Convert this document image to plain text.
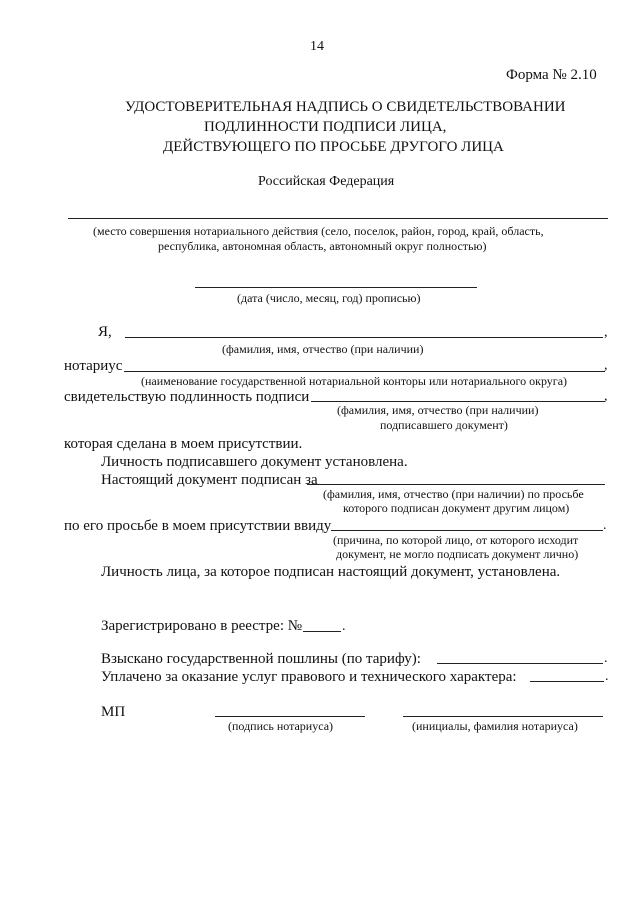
14
Форма № 2.10
УДОСТОВЕРИТЕЛЬНАЯ НАДПИСЬ О СВИДЕТЕЛЬСТВОВАНИИ
ПОДЛИННОСТИ ПОДПИСИ ЛИЦА,
ДЕЙСТВУЮЩЕГО ПО ПРОСЬБЕ ДРУГОГО ЛИЦА
Российская Федерация
(место совершения нотариального действия (село, поселок, район, город, край, область,
республика, автономная область, автономный округ полностью)
(дата (число, месяц, год) прописью)
Я,	,
(фамилия, имя, отчество (при наличии)
нотариус	,
(наименование государственной нотариальной конторы или нотариального округа)
свидетельствую подлинность подписи	,
(фамилия, имя, отчество (при наличии)
подписавшего документ)
которая сделана в моем присутствии.
Личность подписавшего документ установлена.
Настоящий документ подписан за
(фамилия, имя, отчество (при наличии) по просьбе
которого подписан документ другим лицом)
по его просьбе в моем присутствии ввиду	.
(причина, по которой лицо, от которого исходит
документ, не могло подписать документ лично)
Личность лица, за которое подписан настоящий документ, установлена.
Зарегистрировано в реестре: №	.
Взыскано государственной пошлины (по тарифу):	.
Уплачено за оказание услуг правового и технического характера:	.
МП
(подпись нотариуса)	(инициалы, фамилия нотариуса)
